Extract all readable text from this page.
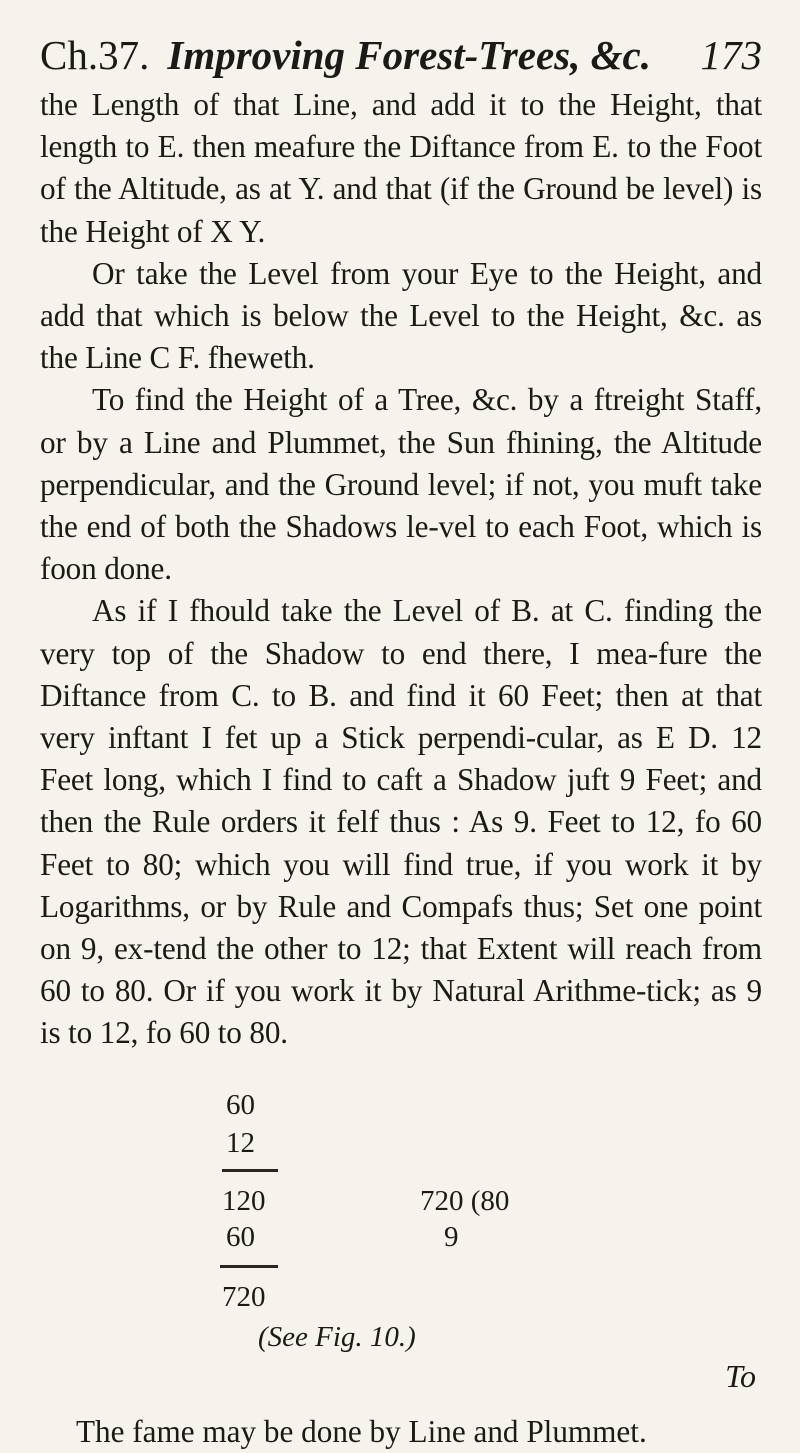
Ch.37. Improving Forest-Trees, &c.	173

the Length of that Line, and add it to the Height, that length to E. then meafure the Diftance from E. to the Foot of the Altitude, as at Y. and that (if the Ground be level) is the Height of X Y.

Or take the Level from your Eye to the Height, and add that which is below the Level to the Height, &c. as the Line C F. fheweth.

To find the Height of a Tree, &c. by a ftreight Staff, or by a Line and Plummet, the Sun fhining, the Altitude perpendicular, and the Ground level; if not, you muft take the end of both the Shadows le-vel to each Foot, which is foon done.

As if I fhould take the Level of B. at C. finding the very top of the Shadow to end there, I mea-fure the Diftance from C. to B. and find it 60 Feet; then at that very inftant I fet up a Stick perpendi-cular, as E D. 12 Feet long, which I find to caft a Shadow juft 9 Feet; and then the Rule orders it felf thus : As 9. Feet to 12, fo 60 Feet to 80; which you will find true, if you work it by Logarithms, or by Rule and Compafs thus; Set one point on 9, ex-tend the other to 12; that Extent will reach from 60 to 80. Or if you work it by Natural Arithme-tick; as 9 is to 12, fo 60 to 80.

60
12
120
60
720
720 (80
9
(See Fig. 10.)
The fame may be done by Line and Plummet.
To
